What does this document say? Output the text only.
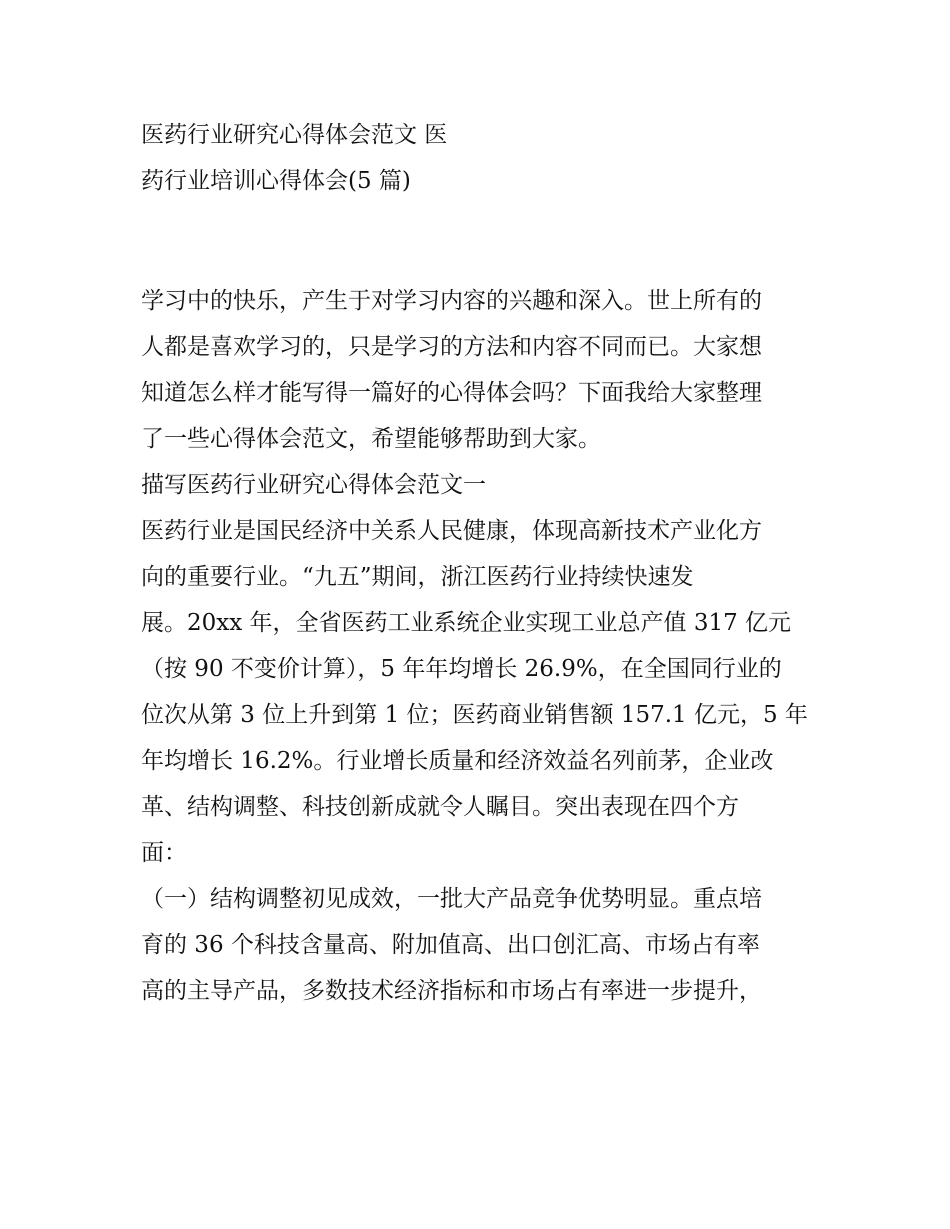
医药行业研究心得体会范文 医
药行业培训心得体会(5 篇)
学习中的快乐，产生于对学习内容的兴趣和深入。世上所有的
人都是喜欢学习的，只是学习的方法和内容不同而已。大家想
知道怎么样才能写得一篇好的心得体会吗？下面我给大家整理
了一些心得体会范文，希望能够帮助到大家。
描写医药行业研究心得体会范文一
医药行业是国民经济中关系人民健康，体现高新技术产业化方
向的重要行业。“九五”期间，浙江医药行业持续快速发
展。20xx 年，全省医药工业系统企业实现工业总产值 317 亿元
（按 90 不变价计算），5 年年均增长 26.9%，在全国同行业的
位次从第 3 位上升到第 1 位；医药商业销售额 157.1 亿元，5 年
年均增长 16.2%。行业增长质量和经济效益名列前茅，企业改
革、结构调整、科技创新成就令人瞩目。突出表现在四个方
面：
（一）结构调整初见成效，一批大产品竞争优势明显。重点培
育的 36 个科技含量高、附加值高、出口创汇高、市场占有率
高的主导产品，多数技术经济指标和市场占有率进一步提升，
